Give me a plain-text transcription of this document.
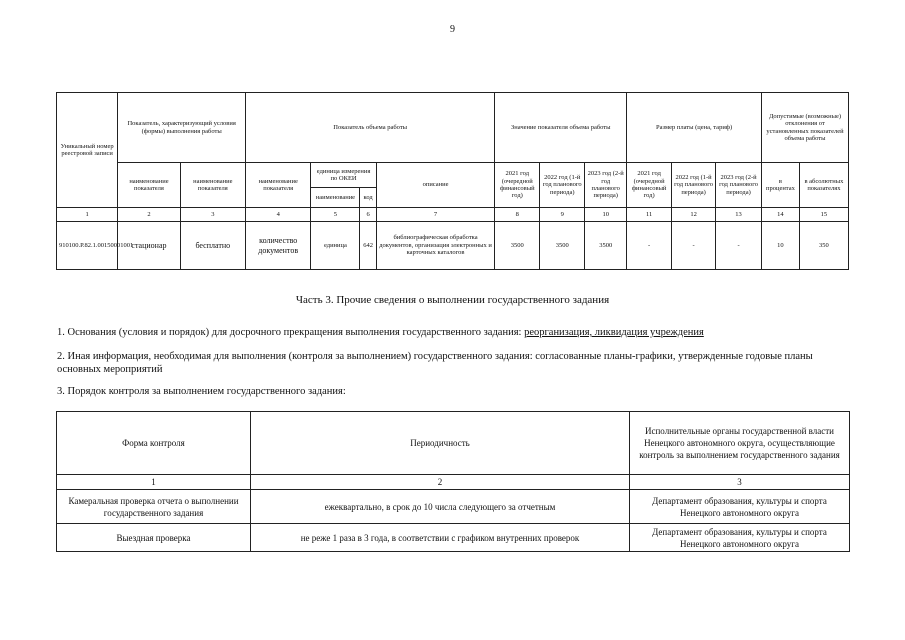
9
Уникальный номер реестровой записи	Показатель, характеризующий условия (формы) выполнения работы		Показатель объема работы				Значение показателя объема работы			Размер платы (цена, тариф)			Допустимые (возможные) отклонения от установленных показателей объема работы	
	наименование показателя	наименование показателя	наименование показателя	единица измерения по ОКЕИ		описание	2021 год (очередной финансовый год)	2022 год (1-й год планового периода)	2023 год (2-й год планового периода)	2021 год (очередной финансовый год)	2022 год (1-й год планового периода)	2023 год (2-й год планового периода)	в процентах	в абсолютных показателях
				наименование	код									
1	2	3	4	5	6	7	8	9	10	11	12	13	14	15
910100.Р.82.1.00150001001	стационар	бесплатно	количество документов	единица	642	библиографическая обработка документов, организация электронных и карточных каталогов	3500	3500	3500	-	-	-	10	350
Часть 3. Прочие сведения о выполнении государственного задания
1. Основания (условия и порядок) для досрочного прекращения выполнения государственного задания: реорганизация, ликвидация учреждения
2. Иная информация, необходимая для выполнения (контроля за выполнением) государственного задания: согласованные планы-графики, утвержденные годовые планы основных мероприятий
3. Порядок контроля за выполнением государственного задания:
Форма контроля	Периодичность	Исполнительные органы государственной власти Ненецкого автономного округа, осуществляющие контроль за выполнением государственного задания
1	2	3
Камеральная проверка отчета о выполнении государственного задания	ежеквартально, в срок до 10 числа следующего за отчетным	Департамент образования, культуры и спорта Ненецкого автономного округа
Выездная проверка	не реже 1 раза в 3 года, в соответствии с графиком внутренних проверок	Департамент образования, культуры и спорта Ненецкого автономного округа
